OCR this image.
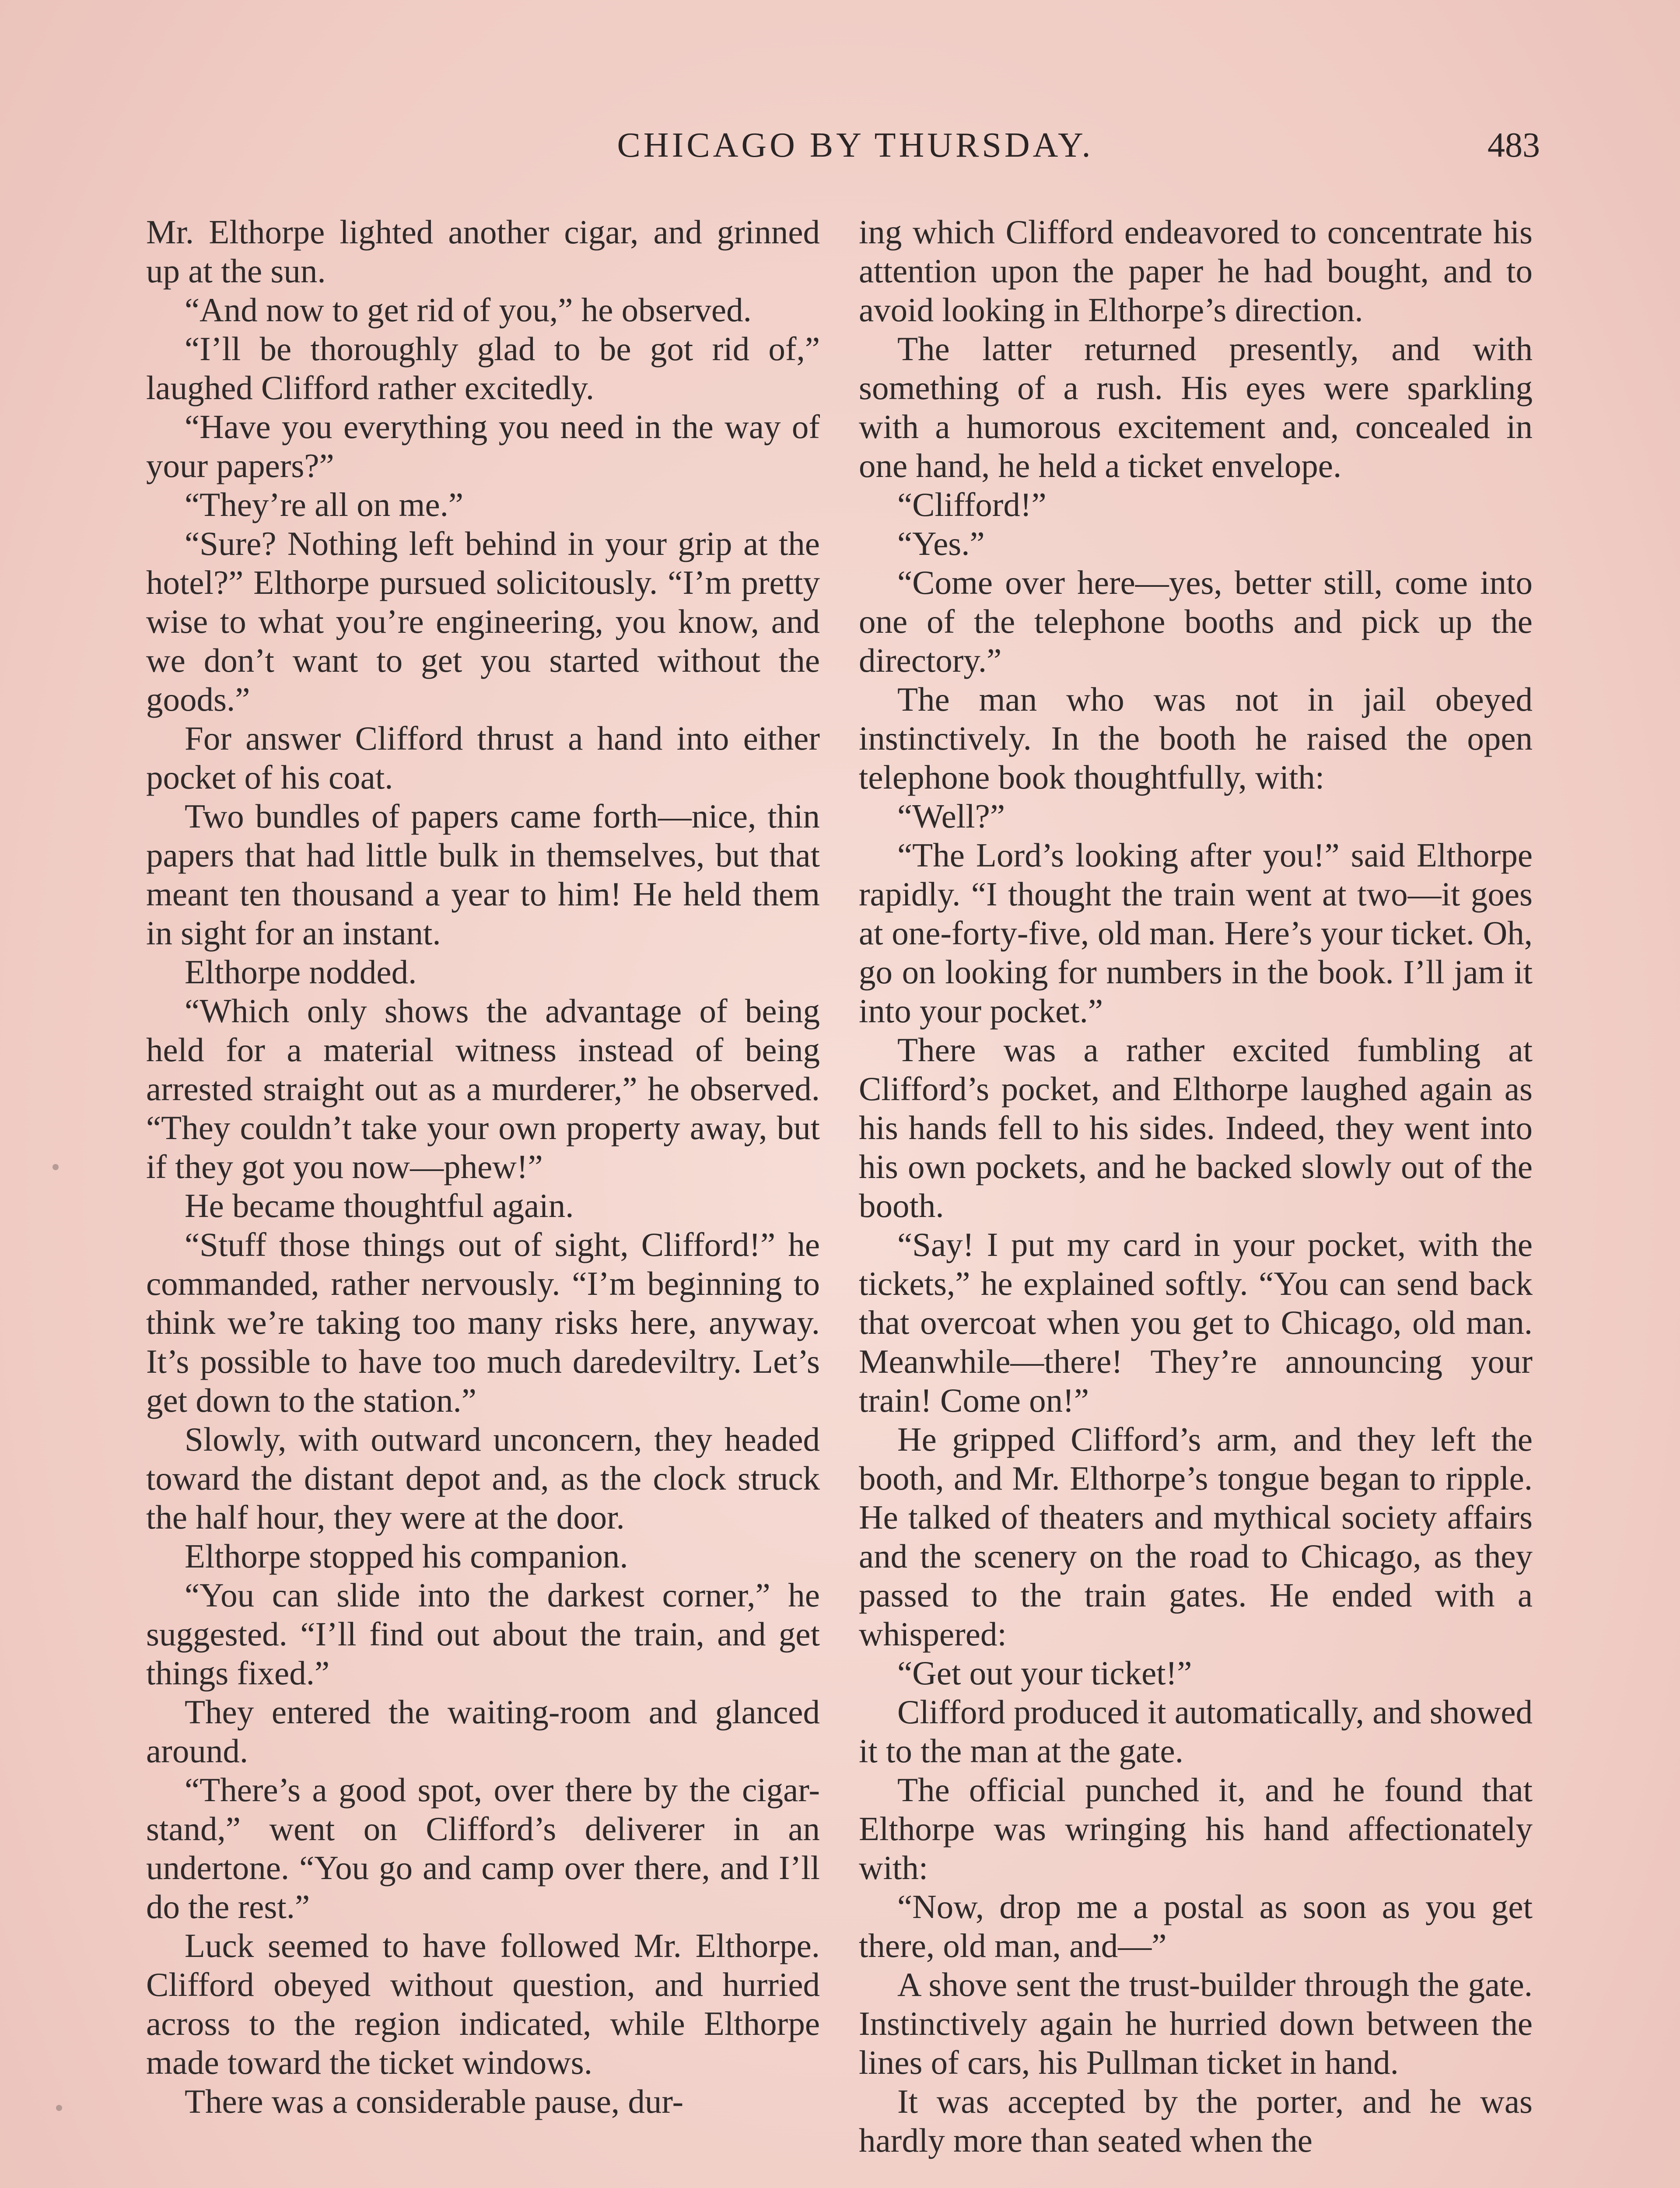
CHICAGO BY THURSDAY.	483

Mr. Elthorpe lighted another cigar, and grinned up at the sun.

“And now to get rid of you,” he observed.

“I’ll be thoroughly glad to be got rid of,” laughed Clifford rather excitedly.

“Have you everything you need in the way of your papers?”

“They’re all on me.”

“Sure? Nothing left behind in your grip at the hotel?” Elthorpe pursued solicitously. “I’m pretty wise to what you’re engineering, you know, and we don’t want to get you started without the goods.”

For answer Clifford thrust a hand into either pocket of his coat.

Two bundles of papers came forth—nice, thin papers that had little bulk in themselves, but that meant ten thousand a year to him! He held them in sight for an instant.

Elthorpe nodded.

“Which only shows the advantage of being held for a material witness instead of being arrested straight out as a murderer,” he observed. “They couldn’t take your own property away, but if they got you now—phew!”

He became thoughtful again.

“Stuff those things out of sight, Clifford!” he commanded, rather nervously. “I’m beginning to think we’re taking too many risks here, anyway. It’s possible to have too much daredeviltry. Let’s get down to the station.”

Slowly, with outward unconcern, they headed toward the distant depot and, as the clock struck the half hour, they were at the door.

Elthorpe stopped his companion.

“You can slide into the darkest corner,” he suggested. “I’ll find out about the train, and get things fixed.”

They entered the waiting-room and glanced around.

“There’s a good spot, over there by the cigar-stand,” went on Clifford’s deliverer in an undertone. “You go and camp over there, and I’ll do the rest.”

Luck seemed to have followed Mr. Elthorpe. Clifford obeyed without question, and hurried across to the region indicated, while Elthorpe made toward the ticket windows.

There was a considerable pause, dur-

ing which Clifford endeavored to concentrate his attention upon the paper he had bought, and to avoid looking in Elthorpe’s direction.

The latter returned presently, and with something of a rush. His eyes were sparkling with a humorous excitement and, concealed in one hand, he held a ticket envelope.

“Clifford!”

“Yes.”

“Come over here—yes, better still, come into one of the telephone booths and pick up the directory.”

The man who was not in jail obeyed instinctively. In the booth he raised the open telephone book thoughtfully, with:

“Well?”

“The Lord’s looking after you!” said Elthorpe rapidly. “I thought the train went at two—it goes at one-forty-five, old man. Here’s your ticket. Oh, go on looking for numbers in the book. I’ll jam it into your pocket.”

There was a rather excited fumbling at Clifford’s pocket, and Elthorpe laughed again as his hands fell to his sides. Indeed, they went into his own pockets, and he backed slowly out of the booth.

“Say! I put my card in your pocket, with the tickets,” he explained softly. “You can send back that overcoat when you get to Chicago, old man. Meanwhile—there! They’re announcing your train! Come on!”

He gripped Clifford’s arm, and they left the booth, and Mr. Elthorpe’s tongue began to ripple. He talked of theaters and mythical society affairs and the scenery on the road to Chicago, as they passed to the train gates. He ended with a whispered:

“Get out your ticket!”

Clifford produced it automatically, and showed it to the man at the gate.

The official punched it, and he found that Elthorpe was wringing his hand affectionately with:

“Now, drop me a postal as soon as you get there, old man, and—”

A shove sent the trust-builder through the gate. Instinctively again he hurried down between the lines of cars, his Pullman ticket in hand.

It was accepted by the porter, and he was hardly more than seated when the
